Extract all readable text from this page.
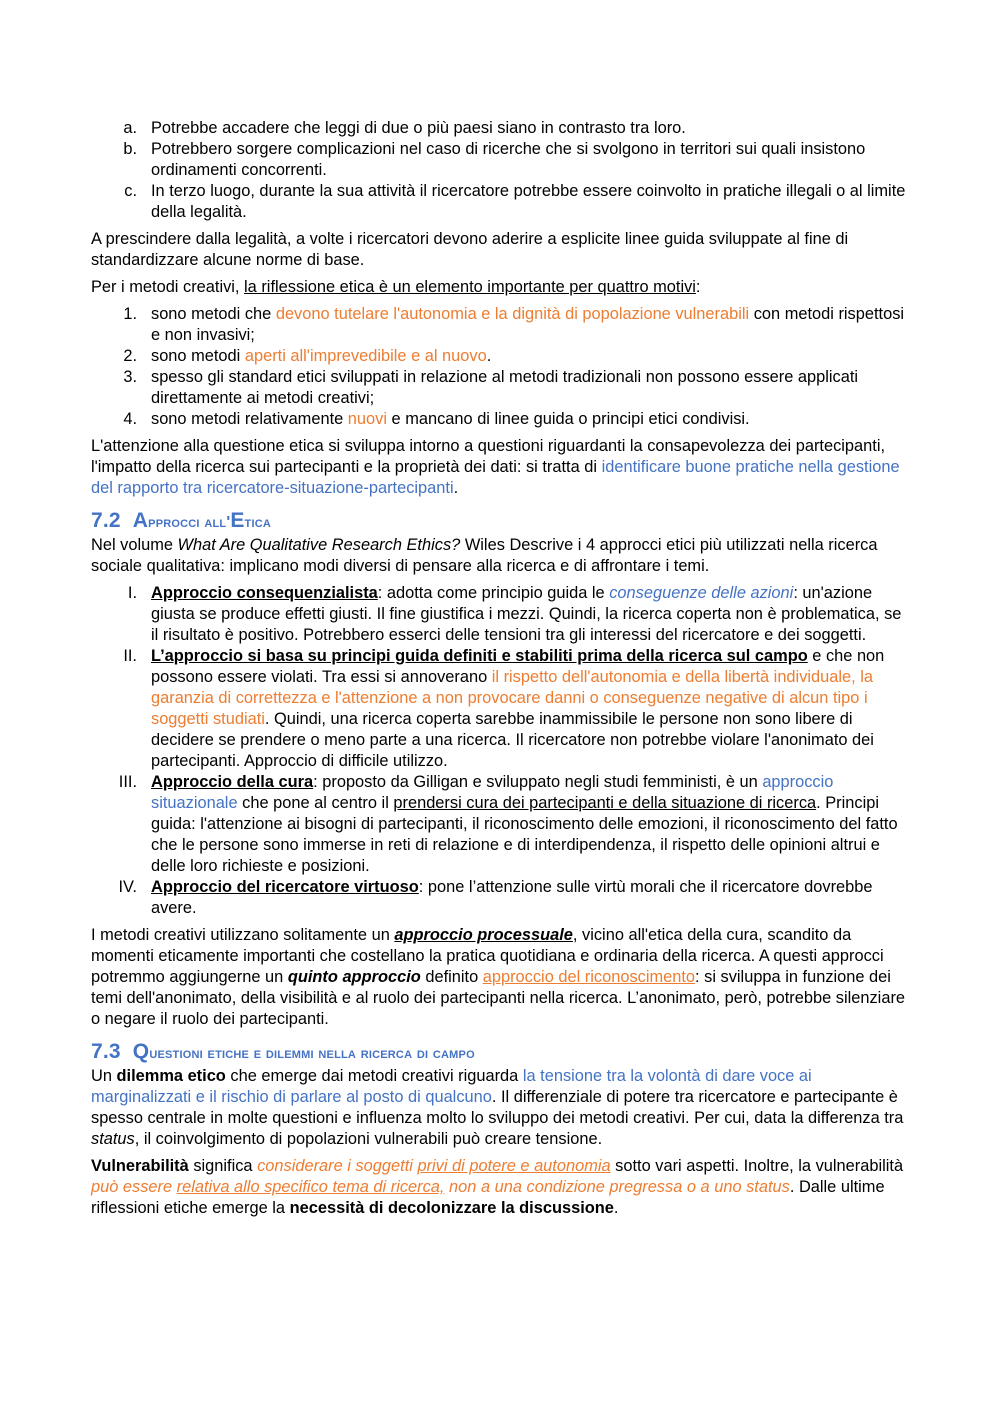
a. Potrebbe accadere che leggi di due o più paesi siano in contrasto tra loro.
b. Potrebbero sorgere complicazioni nel caso di ricerche che si svolgono in territori sui quali insistono ordinamenti concorrenti.
c. In terzo luogo, durante la sua attività il ricercatore potrebbe essere coinvolto in pratiche illegali o al limite della legalità.

A prescindere dalla legalità, a volte i ricercatori devono aderire a esplicite linee guida sviluppate al fine di standardizzare alcune norme di base.

Per i metodi creativi, la riflessione etica è un elemento importante per quattro motivi:

1. sono metodi che devono tutelare l'autonomia e la dignità di popolazione vulnerabili con metodi rispettosi e non invasivi;
2. sono metodi aperti all'imprevedibile e al nuovo.
3. spesso gli standard etici sviluppati in relazione al metodi tradizionali non possono essere applicati direttamente ai metodi creativi;
4. sono metodi relativamente nuovi e mancano di linee guida o principi etici condivisi.

L'attenzione alla questione etica si sviluppa intorno a questioni riguardanti la consapevolezza dei partecipanti, l'impatto della ricerca sui partecipanti e la proprietà dei dati: si tratta di identificare buone pratiche nella gestione del rapporto tra ricercatore-situazione-partecipanti.

7.2 Approcci all'Etica

Nel volume What Are Qualitative Research Ethics? Wiles Descrive i 4 approcci etici più utilizzati nella ricerca sociale qualitativa: implicano modi diversi di pensare alla ricerca e di affrontare i temi.

I. Approccio consequenzialista: adotta come principio guida le conseguenze delle azioni: un'azione giusta se produce effetti giusti. Il fine giustifica i mezzi. Quindi, la ricerca coperta non è problematica, se il risultato è positivo. Potrebbero esserci delle tensioni tra gli interessi del ricercatore e dei soggetti.
II. L’approccio si basa su principi guida definiti e stabiliti prima della ricerca sul campo e che non possono essere violati. Tra essi si annoverano il rispetto dell'autonomia e della libertà individuale, la garanzia di correttezza e l'attenzione a non provocare danni o conseguenze negative di alcun tipo i soggetti studiati. Quindi, una ricerca coperta sarebbe inammissibile le persone non sono libere di decidere se prendere o meno parte a una ricerca. Il ricercatore non potrebbe violare l'anonimato dei partecipanti. Approccio di difficile utilizzo.
III. Approccio della cura: proposto da Gilligan e sviluppato negli studi femministi, è un approccio situazionale che pone al centro il prendersi cura dei partecipanti e della situazione di ricerca. Principi guida: l'attenzione ai bisogni di partecipanti, il riconoscimento delle emozioni, il riconoscimento del fatto che le persone sono immerse in reti di relazione e di interdipendenza, il rispetto delle opinioni altrui e delle loro richieste e posizioni.
IV. Approccio del ricercatore virtuoso: pone l’attenzione sulle virtù morali che il ricercatore dovrebbe avere.

I metodi creativi utilizzano solitamente un approccio processuale, vicino all'etica della cura, scandito da momenti eticamente importanti che costellano la pratica quotidiana e ordinaria della ricerca. A questi approcci potremmo aggiungerne un quinto approccio definito approccio del riconoscimento: si sviluppa in funzione dei temi dell'anonimato, della visibilità e al ruolo dei partecipanti nella ricerca. L’anonimato, però, potrebbe silenziare o negare il ruolo dei partecipanti.

7.3 Questioni etiche e dilemmi nella ricerca di campo

Un dilemma etico che emerge dai metodi creativi riguarda la tensione tra la volontà di dare voce ai marginalizzati e il rischio di parlare al posto di qualcuno. Il differenziale di potere tra ricercatore e partecipante è spesso centrale in molte questioni e influenza molto lo sviluppo dei metodi creativi. Per cui, data la differenza tra status, il coinvolgimento di popolazioni vulnerabili può creare tensione.

Vulnerabilità significa considerare i soggetti privi di potere e autonomia sotto vari aspetti. Inoltre, la vulnerabilità può essere relativa allo specifico tema di ricerca, non a una condizione pregressa o a uno status. Dalle ultime riflessioni etiche emerge la necessità di decolonizzare la discussione.
